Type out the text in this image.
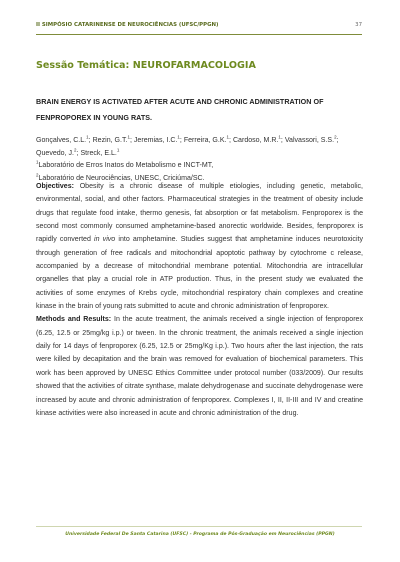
II SIMPÓSIO CATARINENSE DE NEUROCIÊNCIAS (UFSC/PPGN)	37
Sessão Temática: NEUROFARMACOLOGIA
BRAIN ENERGY IS ACTIVATED AFTER ACUTE AND CHRONIC ADMINISTRATION OF FENPROPOREX IN YOUNG RATS.
Gonçalves, C.L.$^1$; Rezin, G.T.$^1$; Jeremias, I.C.$^1$; Ferreira, G.K.$^1$; Cardoso, M.R.$^1$; Valvassori, S.S.$^2$; Quevedo, J.$^2$; Streck, E.L.$^1$
$^1$Laboratório de Erros Inatos do Metabolismo e INCT-MT,
$^2$Laboratório de Neurociências, UNESC, Criciúma/SC.

Objectives: Obesity is a chronic disease of multiple etiologies, including genetic, metabolic, environmental, social, and other factors. Pharmaceutical strategies in the treatment of obesity include drugs that regulate food intake, thermo genesis, fat absorption or fat metabolism. Fenproporex is the second most commonly consumed amphetamine-based anorectic worldwide. Besides, fenproporex is rapidly converted in vivo into amphetamine. Studies suggest that amphetamine induces neurotoxicity through generation of free radicals and mitochondrial apoptotic pathway by cytochrome c release, accompanied by a decrease of mitochondrial membrane potential. Mitochondria are intracellular organelles that play a crucial role in ATP production. Thus, in the present study we evaluated the activities of some enzymes of Krebs cycle, mitochondrial respiratory chain complexes and creatine kinase in the brain of young rats submitted to acute and chronic administration of fenproporex.

Methods and Results: In the acute treatment, the animals received a single injection of fenproporex (6.25, 12.5 or 25mg/kg i.p.) or tween. In the chronic treatment, the animals received a single injection daily for 14 days of fenproporex (6.25, 12.5 or 25mg/Kg i.p.). Two hours after the last injection, the rats were killed by decapitation and the brain was removed for evaluation of biochemical parameters. This work has been approved by UNESC Ethics Committee under protocol number (033/2009). Our results showed that the activities of citrate synthase, malate dehydrogenase and succinate dehydrogenase were increased by acute and chronic administration of fenproporex. Complexes I, II, II-III and IV and creatine kinase activities were also increased in acute and chronic administration of the drug.

Universidade Federal De Santa Catarina (UFSC) - Programa de Pós-Graduação em Neurociências (PPGN)
